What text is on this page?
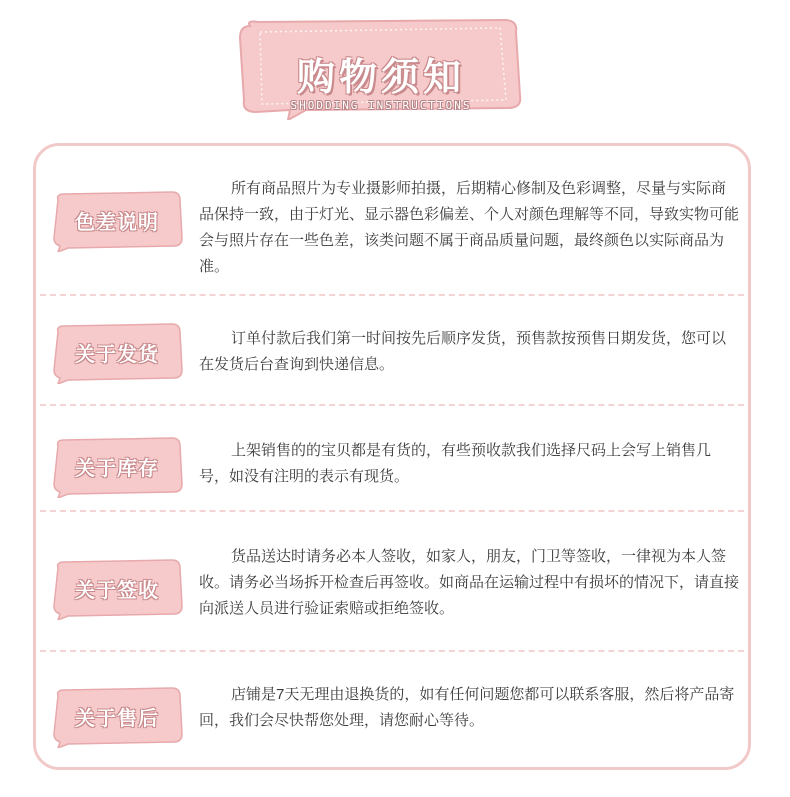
购物须知
SHODDING INSTRUCTIONS
色差说明

所有商品照片为专业摄影师拍摄，后期精心修制及色彩调整，尽量与实际商品保持一致，由于灯光、显示器色彩偏差、个人对颜色理解等不同，导致实物可能会与照片存在一些色差，该类问题不属于商品质量问题，最终颜色以实际商品为准。

关于发货

订单付款后我们第一时间按先后顺序发货，预售款按预售日期发货，您可以在发货后台查询到快递信息。

关于库存

上架销售的的宝贝都是有货的，有些预收款我们选择尺码上会写上销售几号，如没有注明的表示有现货。

关于签收

货品送达时请务必本人签收，如家人，朋友，门卫等签收，一律视为本人签收。请务必当场拆开检查后再签收。如商品在运输过程中有损坏的情况下，请直接向派送人员进行验证索赔或拒绝签收。

关于售后

店铺是7天无理由退换货的，如有任何问题您都可以联系客服，然后将产品寄回，我们会尽快帮您处理，请您耐心等待。
